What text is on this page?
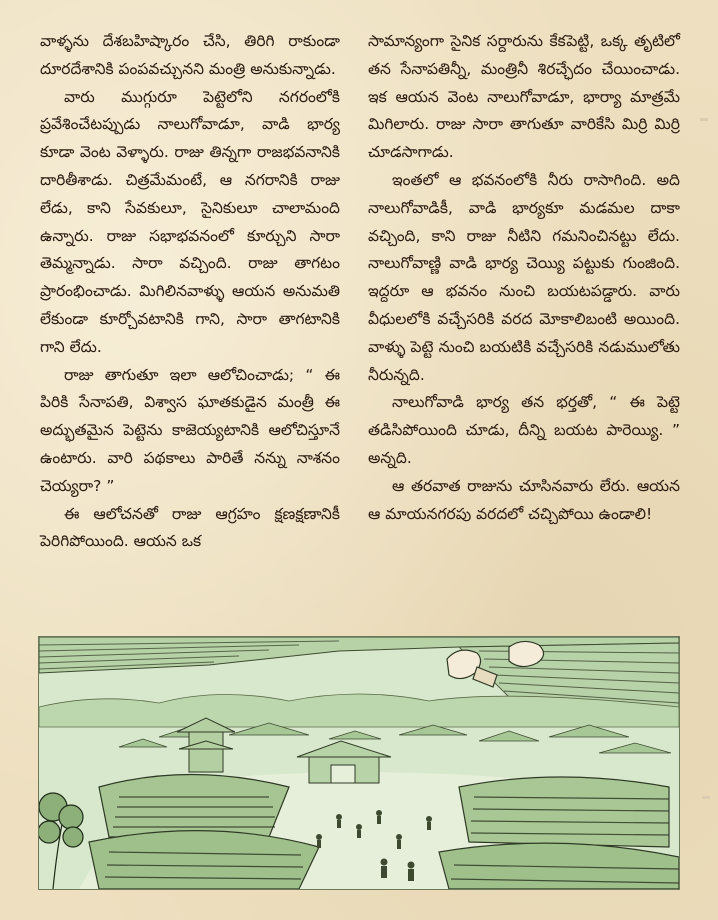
వాళ్ళను దేశబహిష్కారం చేసి, తిరిగి రాకుండా దూరదేశానికి పంపవచ్చునని మంత్రి అనుకున్నాడు.

వారు ముగ్గురూ పెట్టెలోని నగరంలోకి ప్రవేశించేటప్పుడు నాలుగోవాడూ, వాడి భార్య కూడా వెంట వెళ్ళారు. రాజు తిన్నగా రాజభవనానికి దారితీశాడు. చిత్రమేమంటే, ఆ నగరానికి రాజు లేడు, కాని సేవకులూ, సైనికులూ చాలామంది ఉన్నారు. రాజు సభాభవనంలో కూర్చుని సారా తెమ్మన్నాడు. సారా వచ్చింది. రాజు తాగటం ప్రారంభించాడు. మిగిలినవాళ్ళు ఆయన అనుమతి లేకుండా కూర్చోవటానికి గాని, సారా తాగటానికి గాని లేదు.

రాజు తాగుతూ ఇలా ఆలోచించాడు; “ ఈ పిరికి సేనాపతి, విశ్వాస ఘాతకుడైన మంత్రీ ఈ అద్భుతమైన పెట్టెను కాజెయ్యటానికి ఆలోచిస్తూనే ఉంటారు. వారి పథకాలు పారితే నన్ను నాశనం చెయ్యరా? ”

ఈ ఆలోచనతో రాజు ఆగ్రహం క్షణక్షణానికీ పెరిగిపోయింది. ఆయన ఒక

సామాన్యంగా సైనిక సర్దారును కేకపెట్టి, ఒక్క తృటిలో తన సేనాపతిన్నీ, మంత్రినీ శిరచ్ఛేదం చేయించాడు. ఇక ఆయన వెంట నాలుగోవాడూ, భార్యా మాత్రమే మిగిలారు. రాజు సారా తాగుతూ వారికేసి మిర్రి మిర్రి చూడసాగాడు.

ఇంతలో ఆ భవనంలోకి నీరు రాసాగింది. అది నాలుగోవాడికీ, వాడి భార్యకూ మడమల దాకా వచ్చింది, కాని రాజు నీటిని గమనించినట్టు లేదు. నాలుగోవాణ్ణి వాడి భార్య చెయ్యి పట్టుకు గుంజింది. ఇద్దరూ ఆ భవనం నుంచి బయటపడ్డారు. వారు వీధులలోకి వచ్చేసరికి వరద మోకాలిబంటి అయింది. వాళ్ళు పెట్టె నుంచి బయటికి వచ్చేసరికి నడుములోతు నీరున్నది.

నాలుగోవాడి భార్య తన భర్తతో, “ ఈ పెట్టె తడిసిపోయింది చూడు, దీన్ని బయట పారెయ్యి. ” అన్నది.

ఆ తరవాత రాజును చూసినవారు లేరు. ఆయన ఆ మాయనగరపు వరదలో చచ్చిపోయి ఉండాలి!
